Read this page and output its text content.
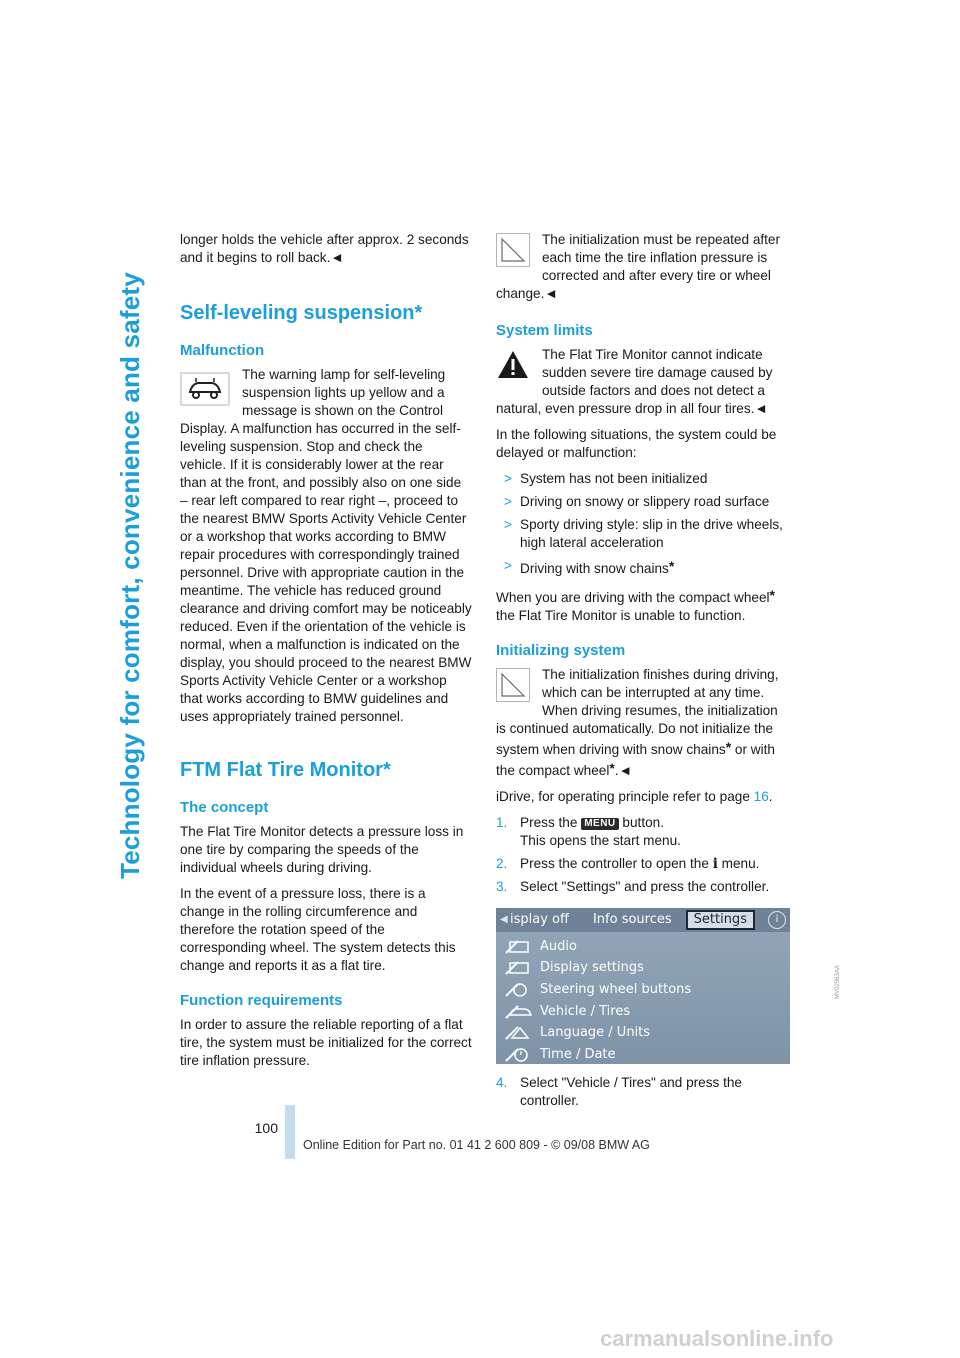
Technology for comfort, convenience and safety

longer holds the vehicle after approx. 2 seconds and it begins to roll back.◄

Self-leveling suspension*
Malfunction

The warning lamp for self-leveling suspension lights up yellow and a message is shown on the Control Display. A malfunction has occurred in the self-leveling suspension. Stop and check the vehicle. If it is considerably lower at the rear than at the front, and possibly also on one side – rear left compared to rear right –, proceed to the nearest BMW Sports Activity Vehicle Center or a workshop that works according to BMW repair procedures with correspondingly trained personnel. Drive with appropriate caution in the meantime. The vehicle has reduced ground clearance and driving comfort may be noticeably reduced. Even if the orientation of the vehicle is normal, when a malfunction is indicated on the display, you should proceed to the nearest BMW Sports Activity Vehicle Center or a workshop that works according to BMW guidelines and uses appropriately trained personnel.

FTM Flat Tire Monitor*
The concept

The Flat Tire Monitor detects a pressure loss in one tire by comparing the speeds of the individual wheels during driving.

In the event of a pressure loss, there is a change in the rolling circumference and therefore the rotation speed of the corresponding wheel. The system detects this change and reports it as a flat tire.

Function requirements

In order to assure the reliable reporting of a flat tire, the system must be initialized for the correct tire inflation pressure.

The initialization must be repeated after each time the tire inflation pressure is corrected and after every tire or wheel change.◄

System limits

The Flat Tire Monitor cannot indicate sudden severe tire damage caused by outside factors and does not detect a natural, even pressure drop in all four tires.◄

In the following situations, the system could be delayed or malfunction:

> System has not been initialized
> Driving on snowy or slippery road surface
> Sporty driving style: slip in the drive wheels, high lateral acceleration
> Driving with snow chains*

When you are driving with the compact wheel* the Flat Tire Monitor is unable to function.

Initializing system

The initialization finishes during driving, which can be interrupted at any time. When driving resumes, the initialization is continued automatically. Do not initialize the system when driving with snow chains* or with the compact wheel*.◄

iDrive, for operating principle refer to page 16.

1. Press the MENU button.
This opens the start menu.
2. Press the controller to open the i menu.
3. Select "Settings" and press the controller.
◀ isplay off Info sources	Settings	i
Audio
Display settings
Steering wheel buttons
Vehicle / Tires
Language / Units
Time / Date
4. Select "Vehicle / Tires" and press the controller.
MV02963AA
100
Online Edition for Part no. 01 41 2 600 809 - © 09/08 BMW AG
carmanualsonline.info
